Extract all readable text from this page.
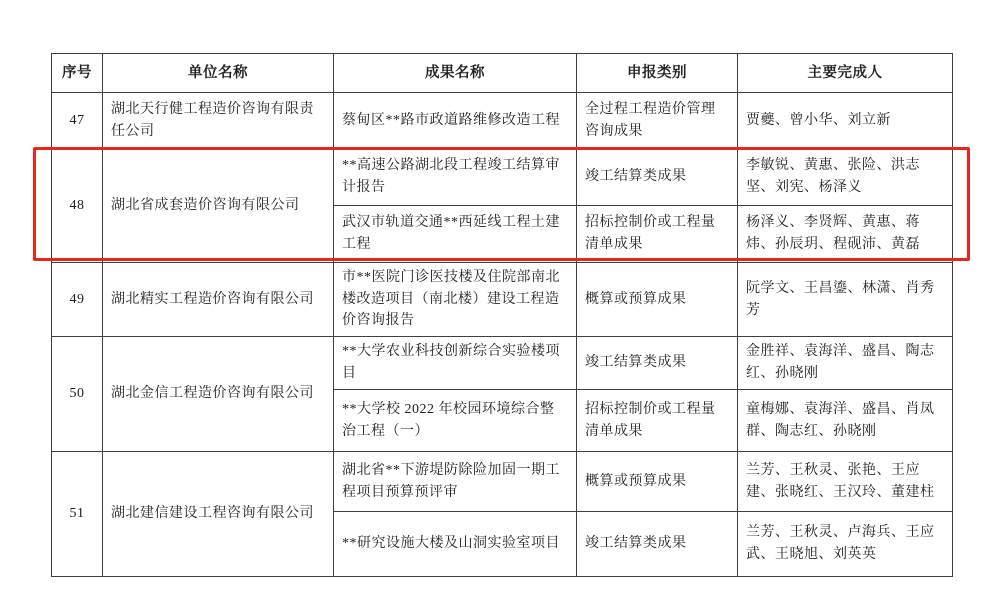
序号	单位名称	成果名称	申报类别	主要完成人
47	湖北天行健工程造价咨询有限责任公司	蔡甸区**路市政道路维修改造工程	全过程工程造价管理咨询成果	贾夔、曾小华、刘立新
48	湖北省成套造价咨询有限公司	**高速公路湖北段工程竣工结算审计报告	竣工结算类成果	李敏锐、黄惠、张险、洪志坚、刘宪、杨泽义
		武汉市轨道交通**西延线工程土建工程	招标控制价或工程量清单成果	杨泽义、李贤辉、黄惠、蒋炜、孙辰玥、程砚沛、黄磊
49	湖北精实工程造价咨询有限公司	市**医院门诊医技楼及住院部南北楼改造项目（南北楼）建设工程造价咨询报告	概算或预算成果	阮学文、王昌鎏、林潇、肖秀芳
50	湖北金信工程造价咨询有限公司	**大学农业科技创新综合实验楼项目	竣工结算类成果	金胜祥、袁海洋、盛昌、陶志红、孙晓刚
		**大学校 2022 年校园环境综合整治工程（一）	招标控制价或工程量清单成果	童梅娜、袁海洋、盛昌、肖凤群、陶志红、孙晓刚
51	湖北建信建设工程咨询有限公司	湖北省**下游堤防除险加固一期工程项目预算预评审	概算或预算成果	兰芳、王秋灵、张艳、王应建、张晓红、王汉玲、董建柱
		**研究设施大楼及山洞实验室项目	竣工结算类成果	兰芳、王秋灵、卢海兵、王应武、王晓旭、刘英英
